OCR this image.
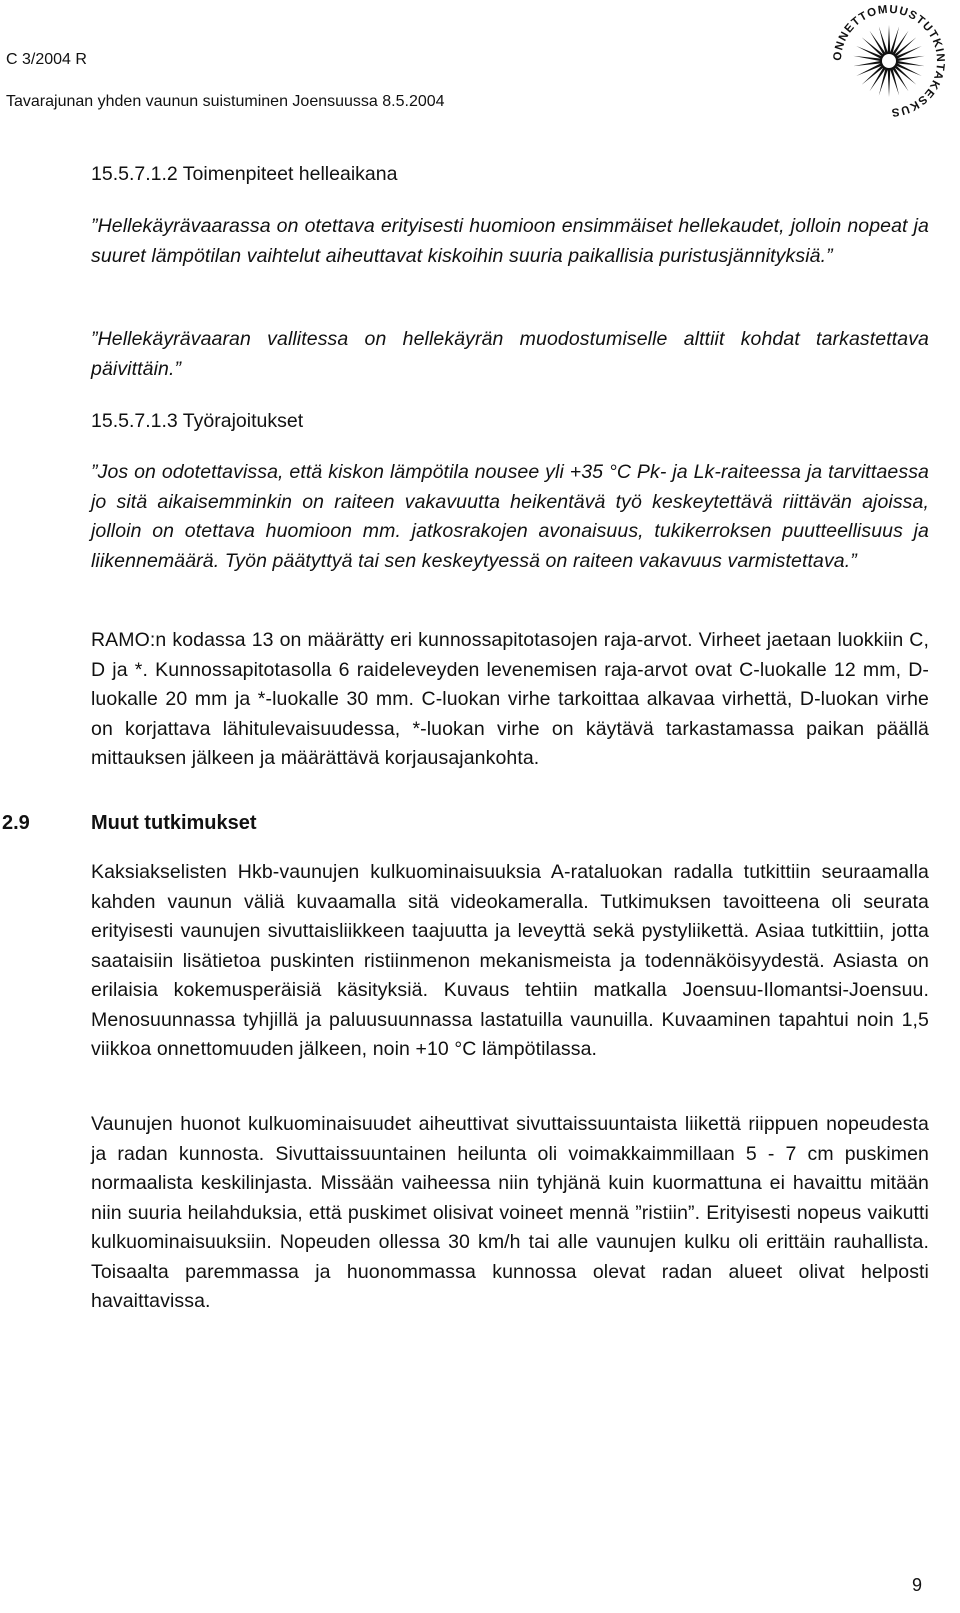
C 3/2004 R
Tavarajunan yhden vaunun suistuminen Joensuussa 8.5.2004
ONNETTOMUUSTUTKINTAKESKUS

15.5.7.1.2 Toimenpiteet helleaikana

”Hellekäyrävaarassa on otettava erityisesti huomioon ensimmäiset hellekaudet, jolloin nopeat ja suuret lämpötilan vaihtelut aiheuttavat kiskoihin suuria paikallisia puristusjännityksiä.”

”Hellekäyrävaaran vallitessa on hellekäyrän muodostumiselle alttiit kohdat tarkastettava päivittäin.”

15.5.7.1.3 Työrajoitukset

”Jos on odotettavissa, että kiskon lämpötila nousee yli +35 °C Pk- ja Lk-raiteessa ja tarvittaessa jo sitä aikaisemminkin on raiteen vakavuutta heikentävä työ keskeytettävä riittävän ajoissa, jolloin on otettava huomioon mm. jatkosrakojen avonaisuus, tukikerroksen puutteellisuus ja liikennemäärä. Työn päätyttyä tai sen keskeytyessä on raiteen vakavuus varmistettava.”

RAMO:n kodassa 13 on määrätty eri kunnossapitotasojen raja-arvot. Virheet jaetaan luokkiin C, D ja *. Kunnossapitotasolla 6 raideleveyden levenemisen raja-arvot ovat C-luokalle 12 mm, D-luokalle 20 mm ja *-luokalle 30 mm. C-luokan virhe tarkoittaa alkavaa virhettä, D-luokan virhe on korjattava lähitulevaisuudessa, *-luokan virhe on käytävä tarkastamassa paikan päällä mittauksen jälkeen ja määrättävä korjausajankohta.

2.9	Muut tutkimukset

Kaksiakselisten Hkb-vaunujen kulkuominaisuuksia A-rataluokan radalla tutkittiin seuraamalla kahden vaunun väliä kuvaamalla sitä videokameralla. Tutkimuksen tavoitteena oli seurata erityisesti vaunujen sivuttaisliikkeen taajuutta ja leveyttä sekä pystyliikettä. Asiaa tutkittiin, jotta saataisiin lisätietoa puskinten ristiinmenon mekanismeista ja todennäköisyydestä. Asiasta on erilaisia kokemusperäisiä käsityksiä. Kuvaus tehtiin matkalla Joensuu-Ilomantsi-Joensuu. Menosuunnassa tyhjillä ja paluusuunnassa lastatuilla vaunuilla. Kuvaaminen tapahtui noin 1,5 viikkoa onnettomuuden jälkeen, noin +10 °C lämpötilassa.

Vaunujen huonot kulkuominaisuudet aiheuttivat sivuttaissuuntaista liikettä riippuen nopeudesta ja radan kunnosta. Sivuttaissuuntainen heilunta oli voimakkaimmillaan 5 - 7 cm puskimen normaalista keskilinjasta. Missään vaiheessa niin tyhjänä kuin kuormattuna ei havaittu mitään niin suuria heilahduksia, että puskimet olisivat voineet mennä ”ristiin”. Erityisesti nopeus vaikutti kulkuominaisuuksiin. Nopeuden ollessa 30 km/h tai alle vaunujen kulku oli erittäin rauhallista. Toisaalta paremmassa ja huonommassa kunnossa olevat radan alueet olivat helposti havaittavissa.

9
